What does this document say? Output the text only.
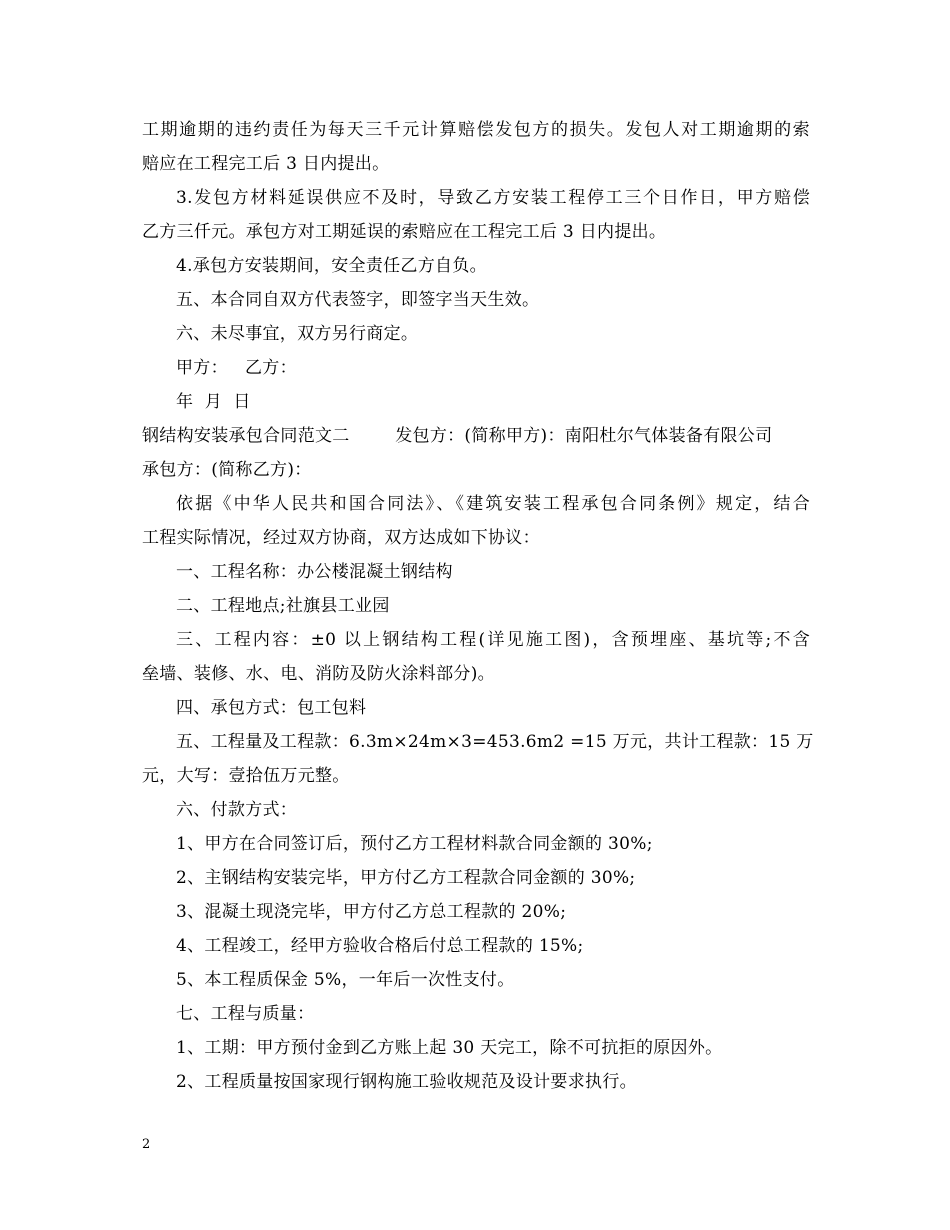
工期逾期的违约责任为每天三千元计算赔偿发包方的损失。发包人对工期逾期的索
赔应在工程完工后 3 日内提出。
3.发包方材料延误供应不及时，导致乙方安装工程停工三个日作日，甲方赔偿
乙方三仟元。承包方对工期延误的索赔应在工程完工后 3 日内提出。
4.承包方安装期间，安全责任乙方自负。
五、本合同自双方代表签字，即签字当天生效。
六、未尽事宜，双方另行商定。
甲方：   乙方：
年  月  日
钢结构安装承包合同范文二        发包方：(简称甲方)：南阳杜尔气体装备有限公司
承包方：(简称乙方)：
依据《中华人民共和国合同法》、《建筑安装工程承包合同条例》规定，结合
工程实际情况，经过双方协商，双方达成如下协议：
一、工程名称：办公楼混凝土钢结构
二、工程地点;社旗县工业园
三、工程内容：±0 以上钢结构工程(详见施工图)，含预埋座、基坑等;不含
垒墙、装修、水、电、消防及防火涂料部分)。
四、承包方式：包工包料
五、工程量及工程款：6.3m×24m×3=453.6m2 =15 万元，共计工程款：15 万
元，大写：壹拾伍万元整。
六、付款方式：
1、甲方在合同签订后，预付乙方工程材料款合同金额的 30%;
2、主钢结构安装完毕，甲方付乙方工程款合同金额的 30%;
3、混凝土现浇完毕，甲方付乙方总工程款的 20%;
4、工程竣工，经甲方验收合格后付总工程款的 15%;
5、本工程质保金 5%，一年后一次性支付。
七、工程与质量：
1、工期：甲方预付金到乙方账上起 30 天完工，除不可抗拒的原因外。
2、工程质量按国家现行钢构施工验收规范及设计要求执行。
2
